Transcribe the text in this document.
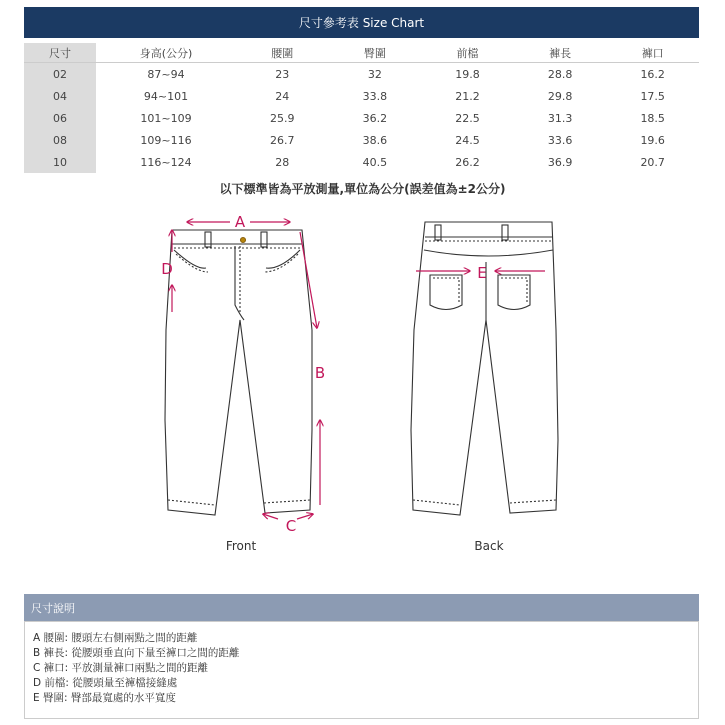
尺寸參考表 Size Chart
尺寸	身高(公分)	腰圍	臀圍	前檔	褲長	褲口
02	87~94	23	32	19.8	28.8	16.2
04	94~101	24	33.8	21.2	29.8	17.5
06	101~109	25.9	36.2	22.5	31.3	18.5
08	109~116	26.7	38.6	24.5	33.6	19.6
10	116~124	28	40.5	26.2	36.9	20.7
以下標準皆為平放測量,單位為公分(誤差值為±2公分)
A
D
B
C
Front
E
Back
尺寸說明
A 腰圍: 腰頭左右側兩點之間的距離
B 褲長: 從腰頭垂直向下量至褲口之間的距離
C 褲口: 平放測量褲口兩點之間的距離
D 前檔: 從腰頭量至褲檔接縫處
E 臀圍: 臀部最寬處的水平寬度
